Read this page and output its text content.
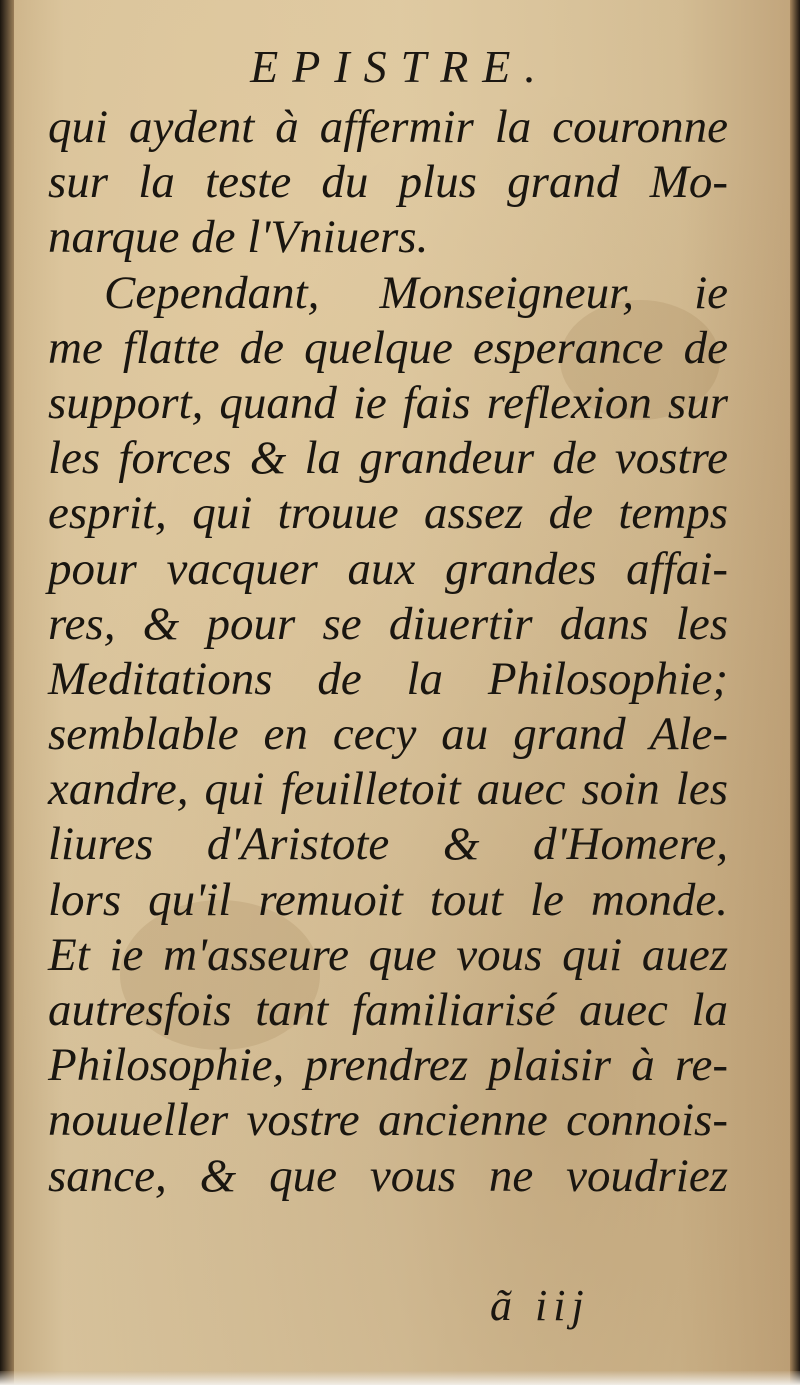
EPISTRE.
qui aydent à affermir la couronne
sur la teste du plus grand Mo-
narque de l'Vniuers.
Cependant, Monseigneur, ie
me flatte de quelque esperance de
support, quand ie fais reflexion sur
les forces & la grandeur de vostre
esprit, qui trouue assez de temps
pour vacquer aux grandes affai-
res, & pour se diuertir dans les
Meditations de la Philosophie;
semblable en cecy au grand Ale-
xandre, qui feuilletoit auec soin les
liures d'Aristote & d'Homere,
lors qu'il remuoit tout le monde.
Et ie m'asseure que vous qui auez
autresfois tant familiarisé auec la
Philosophie, prendrez plaisir à re-
nouueller vostre ancienne connois-
sance, & que vous ne voudriez
ã iij
